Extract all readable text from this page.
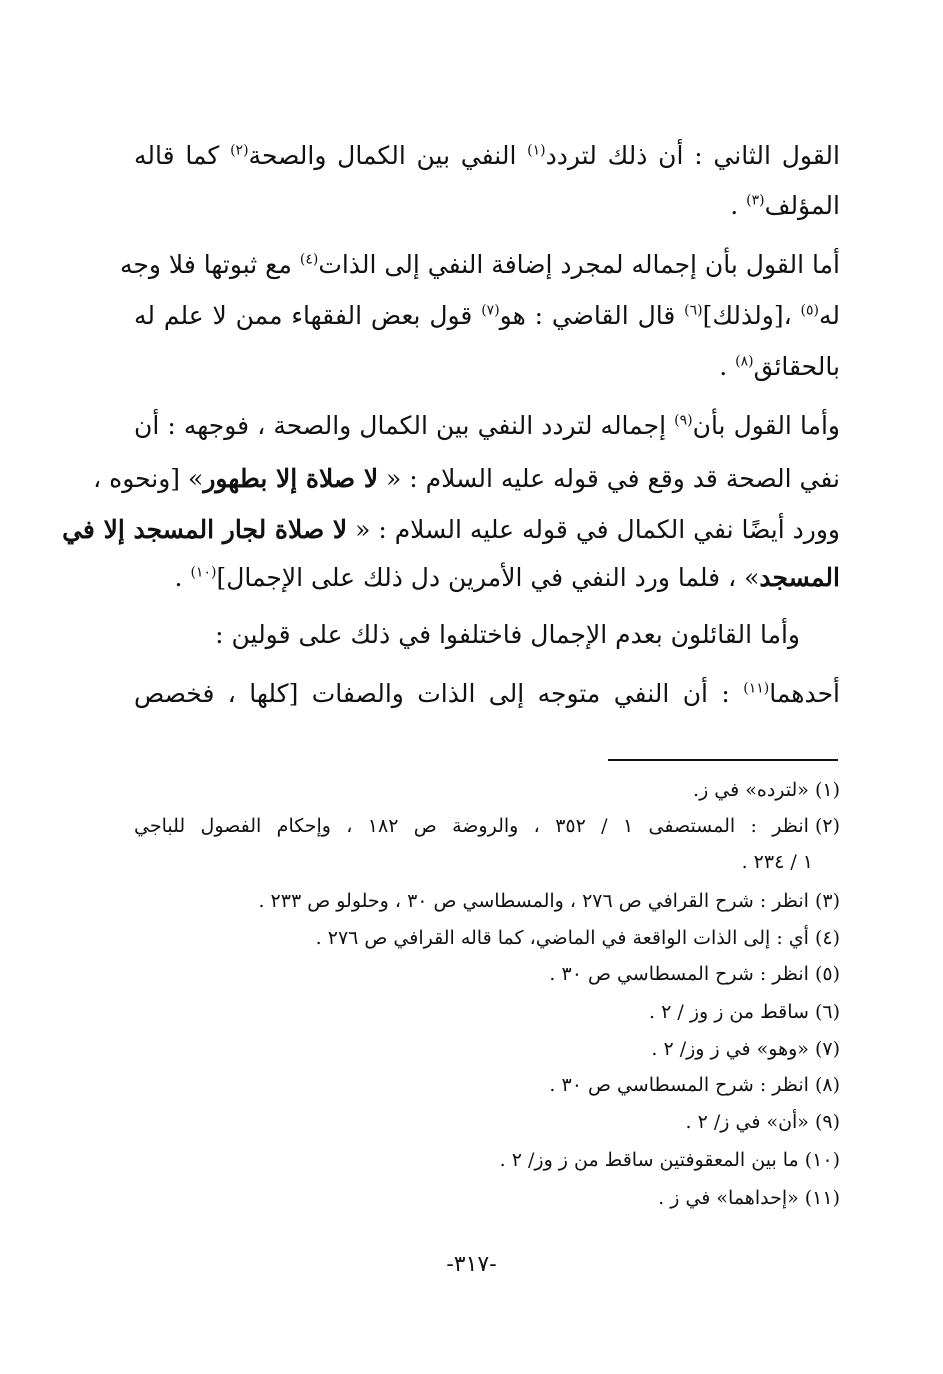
القول الثاني : أن ذلك لتردد$^{(١)}$ النفي بين الكمال والصحة$^{(٢)}$ كما قاله
المؤلف$^{(٣)}$ .
أما القول بأن إجماله لمجرد إضافة النفي إلى الذات$^{(٤)}$ مع ثبوتها فلا وجه
له$^{(٥)}$ ،[ولذلك]$^{(٦)}$ قال القاضي : هو$^{(٧)}$ قول بعض الفقهاء ممن لا علم له
بالحقائق$^{(٨)}$ .
وأما القول بأن$^{(٩)}$ إجماله لتردد النفي بين الكمال والصحة ، فوجهه : أن
نفي الصحة قد وقع في قوله عليه السلام : « لا صلاة إلا بطهور» [ونحوه ،
وورد أيضًا نفي الكمال في قوله عليه السلام : « لا صلاة لجار المسجد إلا في
المسجد» ، فلما ورد النفي في الأمرين دل ذلك على الإجمال]$^{(١٠)}$ .
وأما القائلون بعدم الإجمال فاختلفوا في ذلك على قولين :
أحدهما$^{(١١)}$ : أن النفي متوجه إلى الذات والصفات [كلها ، فخصص
(١)«لترده» في ز.
(٢)انظر : المستصفى ١ / ٣٥٢ ، والروضة ص ١٨٢ ، وإحكام الفصول للباجي
١ / ٢٣٤ .
(٣)انظر : شرح القرافي ص ٢٧٦ ، والمسطاسي ص ٣٠ ، وحلولو ص ٢٣٣ .
(٤)أي : إلى الذات الواقعة في الماضي، كما قاله القرافي ص ٢٧٦ .
(٥)انظر : شرح المسطاسي ص ٣٠ .
(٦)ساقط من ز وز / ٢ .
(٧)«وهو» في ز وز/ ٢ .
(٨)انظر : شرح المسطاسي ص ٣٠ .
(٩)«أن» في ز/ ٢ .
(١٠)ما بين المعقوفتين ساقط من ز وز/ ٢ .
(١١)«إحداهما» في ز .
-٣١٧-
